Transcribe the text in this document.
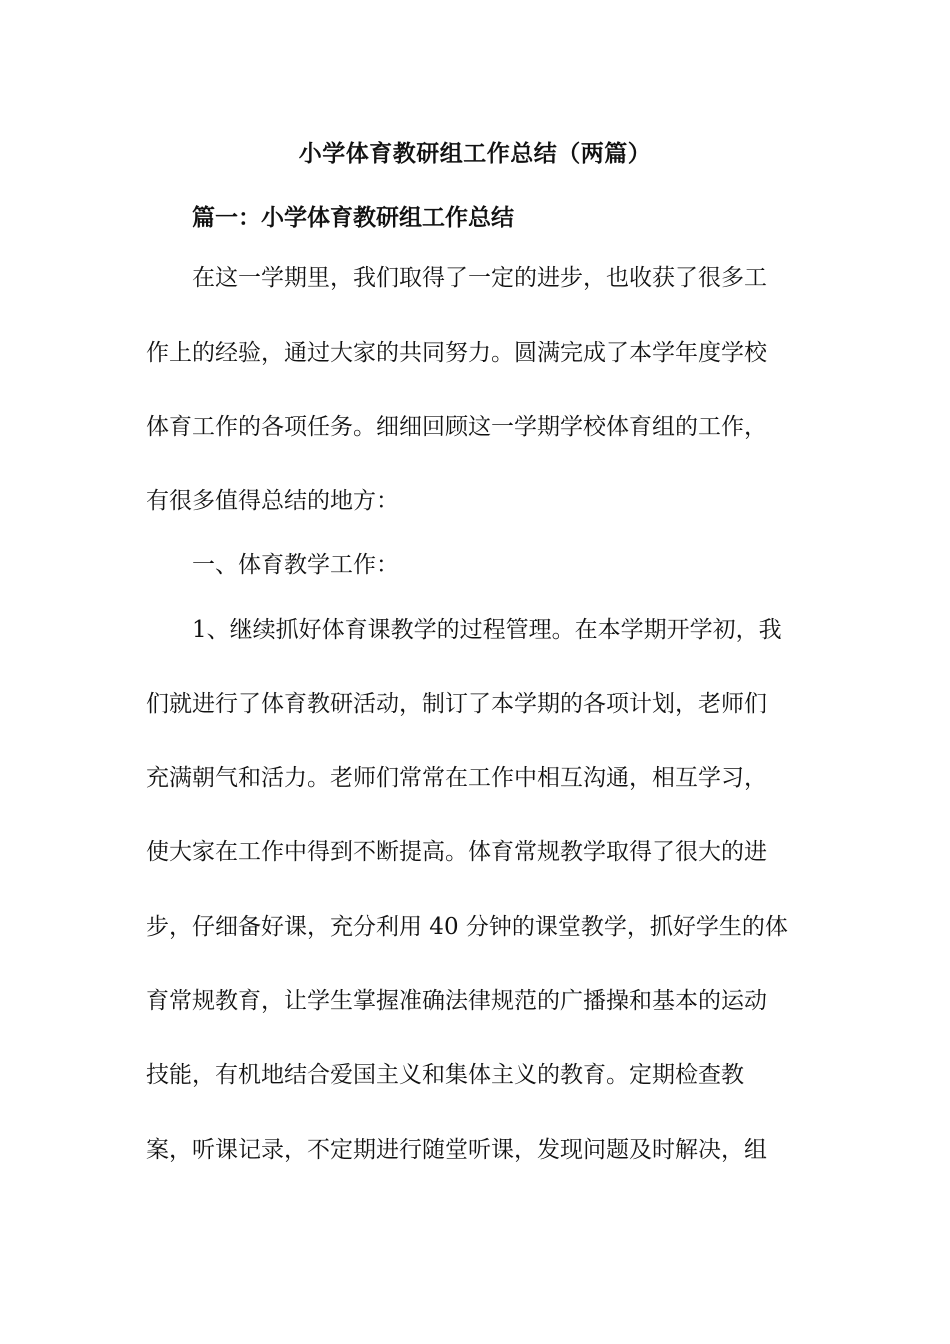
小学体育教研组工作总结（两篇）
篇一：小学体育教研组工作总结
在这一学期里，我们取得了一定的进步，也收获了很多工
作上的经验，通过大家的共同努力。圆满完成了本学年度学校
体育工作的各项任务。细细回顾这一学期学校体育组的工作，
有很多值得总结的地方：
一、体育教学工作：
1、继续抓好体育课教学的过程管理。在本学期开学初，我
们就进行了体育教研活动，制订了本学期的各项计划，老师们
充满朝气和活力。老师们常常在工作中相互沟通，相互学习，
使大家在工作中得到不断提高。体育常规教学取得了很大的进
步，仔细备好课，充分利用 40 分钟的课堂教学，抓好学生的体
育常规教育，让学生掌握准确法律规范的广播操和基本的运动
技能，有机地结合爱国主义和集体主义的教育。定期检查教
案，听课记录，不定期进行随堂听课，发现问题及时解决，组
